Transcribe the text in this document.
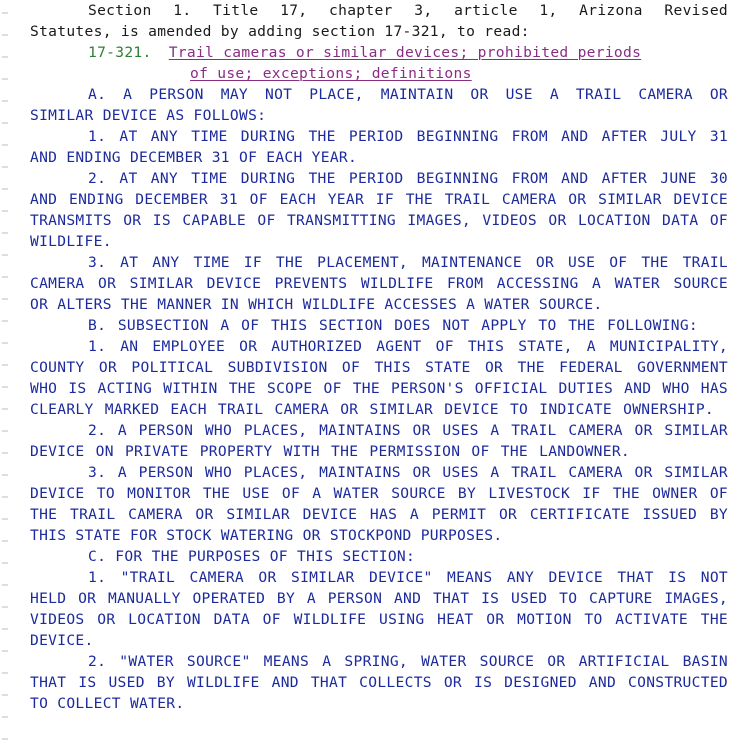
Section 1. Title 17, chapter 3, article 1, Arizona Revised
Statutes, is amended by adding section 17-321, to read:
17-321. Trail cameras or similar devices; prohibited periods
of use; exceptions; definitions
A. A PERSON MAY NOT PLACE, MAINTAIN OR USE A TRAIL CAMERA OR
SIMILAR DEVICE AS FOLLOWS:
1. AT ANY TIME DURING THE PERIOD BEGINNING FROM AND AFTER JULY 31
AND ENDING DECEMBER 31 OF EACH YEAR.
2. AT ANY TIME DURING THE PERIOD BEGINNING FROM AND AFTER JUNE 30
AND ENDING DECEMBER 31 OF EACH YEAR IF THE TRAIL CAMERA OR SIMILAR DEVICE
TRANSMITS OR IS CAPABLE OF TRANSMITTING IMAGES, VIDEOS OR LOCATION DATA OF
WILDLIFE.
3. AT ANY TIME IF THE PLACEMENT, MAINTENANCE OR USE OF THE TRAIL
CAMERA OR SIMILAR DEVICE PREVENTS WILDLIFE FROM ACCESSING A WATER SOURCE
OR ALTERS THE MANNER IN WHICH WILDLIFE ACCESSES A WATER SOURCE.
B. SUBSECTION A OF THIS SECTION DOES NOT APPLY TO THE FOLLOWING:
1. AN EMPLOYEE OR AUTHORIZED AGENT OF THIS STATE, A MUNICIPALITY,
COUNTY OR POLITICAL SUBDIVISION OF THIS STATE OR THE FEDERAL GOVERNMENT
WHO IS ACTING WITHIN THE SCOPE OF THE PERSON'S OFFICIAL DUTIES AND WHO HAS
CLEARLY MARKED EACH TRAIL CAMERA OR SIMILAR DEVICE TO INDICATE OWNERSHIP.
2. A PERSON WHO PLACES, MAINTAINS OR USES A TRAIL CAMERA OR SIMILAR
DEVICE ON PRIVATE PROPERTY WITH THE PERMISSION OF THE LANDOWNER.
3. A PERSON WHO PLACES, MAINTAINS OR USES A TRAIL CAMERA OR SIMILAR
DEVICE TO MONITOR THE USE OF A WATER SOURCE BY LIVESTOCK IF THE OWNER OF
THE TRAIL CAMERA OR SIMILAR DEVICE HAS A PERMIT OR CERTIFICATE ISSUED BY
THIS STATE FOR STOCK WATERING OR STOCKPOND PURPOSES.
C. FOR THE PURPOSES OF THIS SECTION:
1. "TRAIL CAMERA OR SIMILAR DEVICE" MEANS ANY DEVICE THAT IS NOT
HELD OR MANUALLY OPERATED BY A PERSON AND THAT IS USED TO CAPTURE IMAGES,
VIDEOS OR LOCATION DATA OF WILDLIFE USING HEAT OR MOTION TO ACTIVATE THE
DEVICE.
2. "WATER SOURCE" MEANS A SPRING, WATER SOURCE OR ARTIFICIAL BASIN
THAT IS USED BY WILDLIFE AND THAT COLLECTS OR IS DESIGNED AND CONSTRUCTED
TO COLLECT WATER.
